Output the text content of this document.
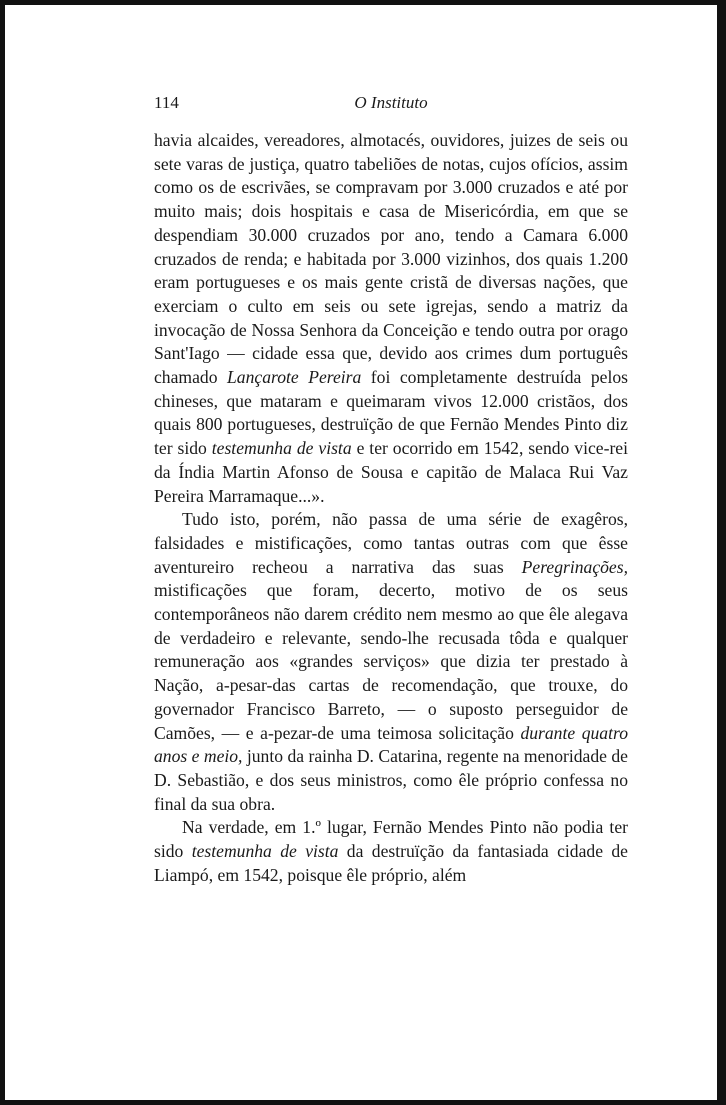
114	O Instituto

havia alcaides, vereadores, almotacés, ouvidores, juizes de seis ou sete varas de justiça, quatro tabeliões de notas, cujos ofícios, assim como os de escrivães, se compravam por 3.000 cruzados e até por muito mais; dois hospitais e casa de Misericórdia, em que se despendiam 30.000 cruzados por ano, tendo a Camara 6.000 cruzados de renda; e habitada por 3.000 vizinhos, dos quais 1.200 eram portugueses e os mais gente cristã de diversas nações, que exerciam o culto em seis ou sete igrejas, sendo a matriz da invocação de Nossa Senhora da Conceição e tendo outra por orago Sant'Iago — cidade essa que, devido aos crimes dum português chamado Lançarote Pereira foi completamente destruída pelos chineses, que mataram e queimaram vivos 12.000 cristãos, dos quais 800 portugueses, destruïção de que Fernão Mendes Pinto diz ter sido testemunha de vista e ter ocorrido em 1542, sendo vice-rei da Índia Martin Afonso de Sousa e capitão de Malaca Rui Vaz Pereira Marramaque...».

Tudo isto, porém, não passa de uma série de exagêros, falsidades e mistificações, como tantas outras com que êsse aventureiro recheou a narrativa das suas Peregrinações, mistificações que foram, decerto, motivo de os seus contemporâneos não darem crédito nem mesmo ao que êle alegava de verdadeiro e relevante, sendo-lhe recusada tôda e qualquer remuneração aos «grandes serviços» que dizia ter prestado à Nação, a-pesar-das cartas de recomendação, que trouxe, do governador Francisco Barreto, — o suposto perseguidor de Camões, — e a-pezar-de uma teimosa solicitação durante quatro anos e meio, junto da rainha D. Catarina, regente na menoridade de D. Sebastião, e dos seus ministros, como êle próprio confessa no final da sua obra.

Na verdade, em 1.º lugar, Fernão Mendes Pinto não podia ter sido testemunha de vista da destruïção da fantasiada cidade de Liampó, em 1542, poisque êle próprio, além
